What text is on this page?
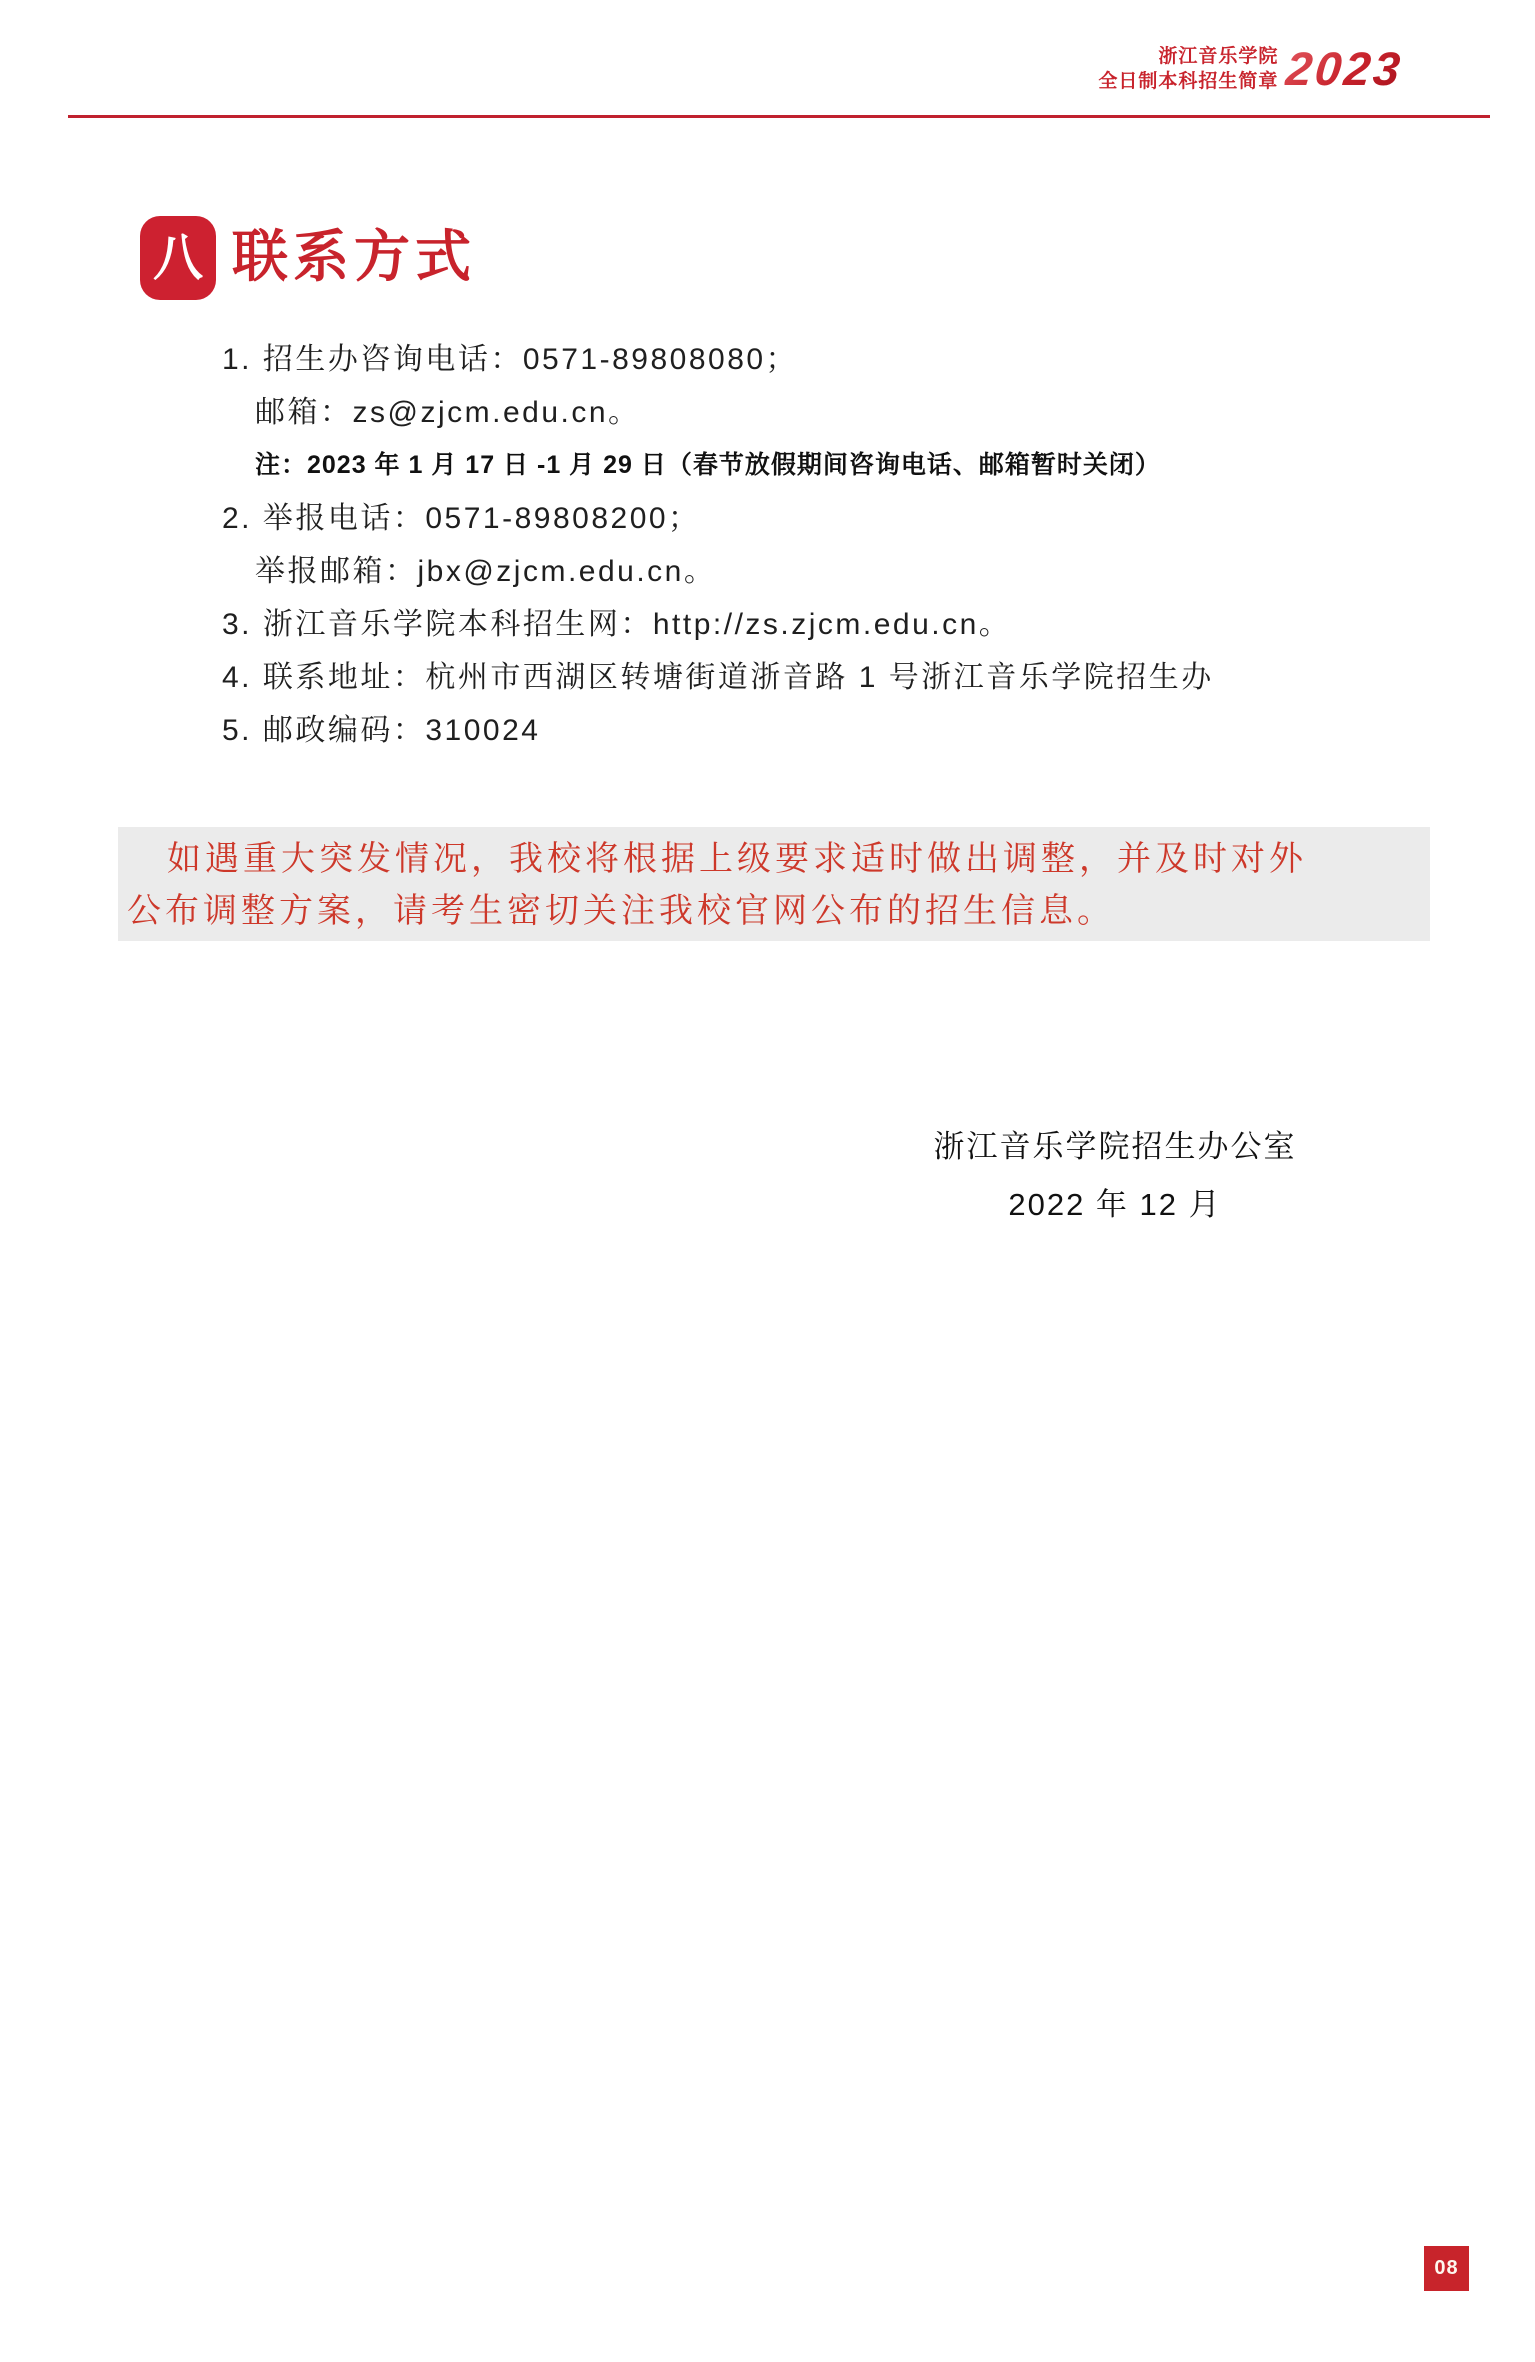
浙江音乐学院
全日制本科招生简章 2023
八 联系方式
1. 招生办咨询电话：0571-89808080；
邮箱：zs@zjcm.edu.cn。
注：2023 年 1 月 17 日 -1 月 29 日（春节放假期间咨询电话、邮箱暂时关闭）
2. 举报电话：0571-89808200；
举报邮箱：jbx@zjcm.edu.cn。
3. 浙江音乐学院本科招生网：http://zs.zjcm.edu.cn。
4. 联系地址：杭州市西湖区转塘街道浙音路 1 号浙江音乐学院招生办
5. 邮政编码：310024
如遇重大突发情况，我校将根据上级要求适时做出调整，并及时对外
公布调整方案，请考生密切关注我校官网公布的招生信息。
浙江音乐学院招生办公室
2022 年 12 月
08
